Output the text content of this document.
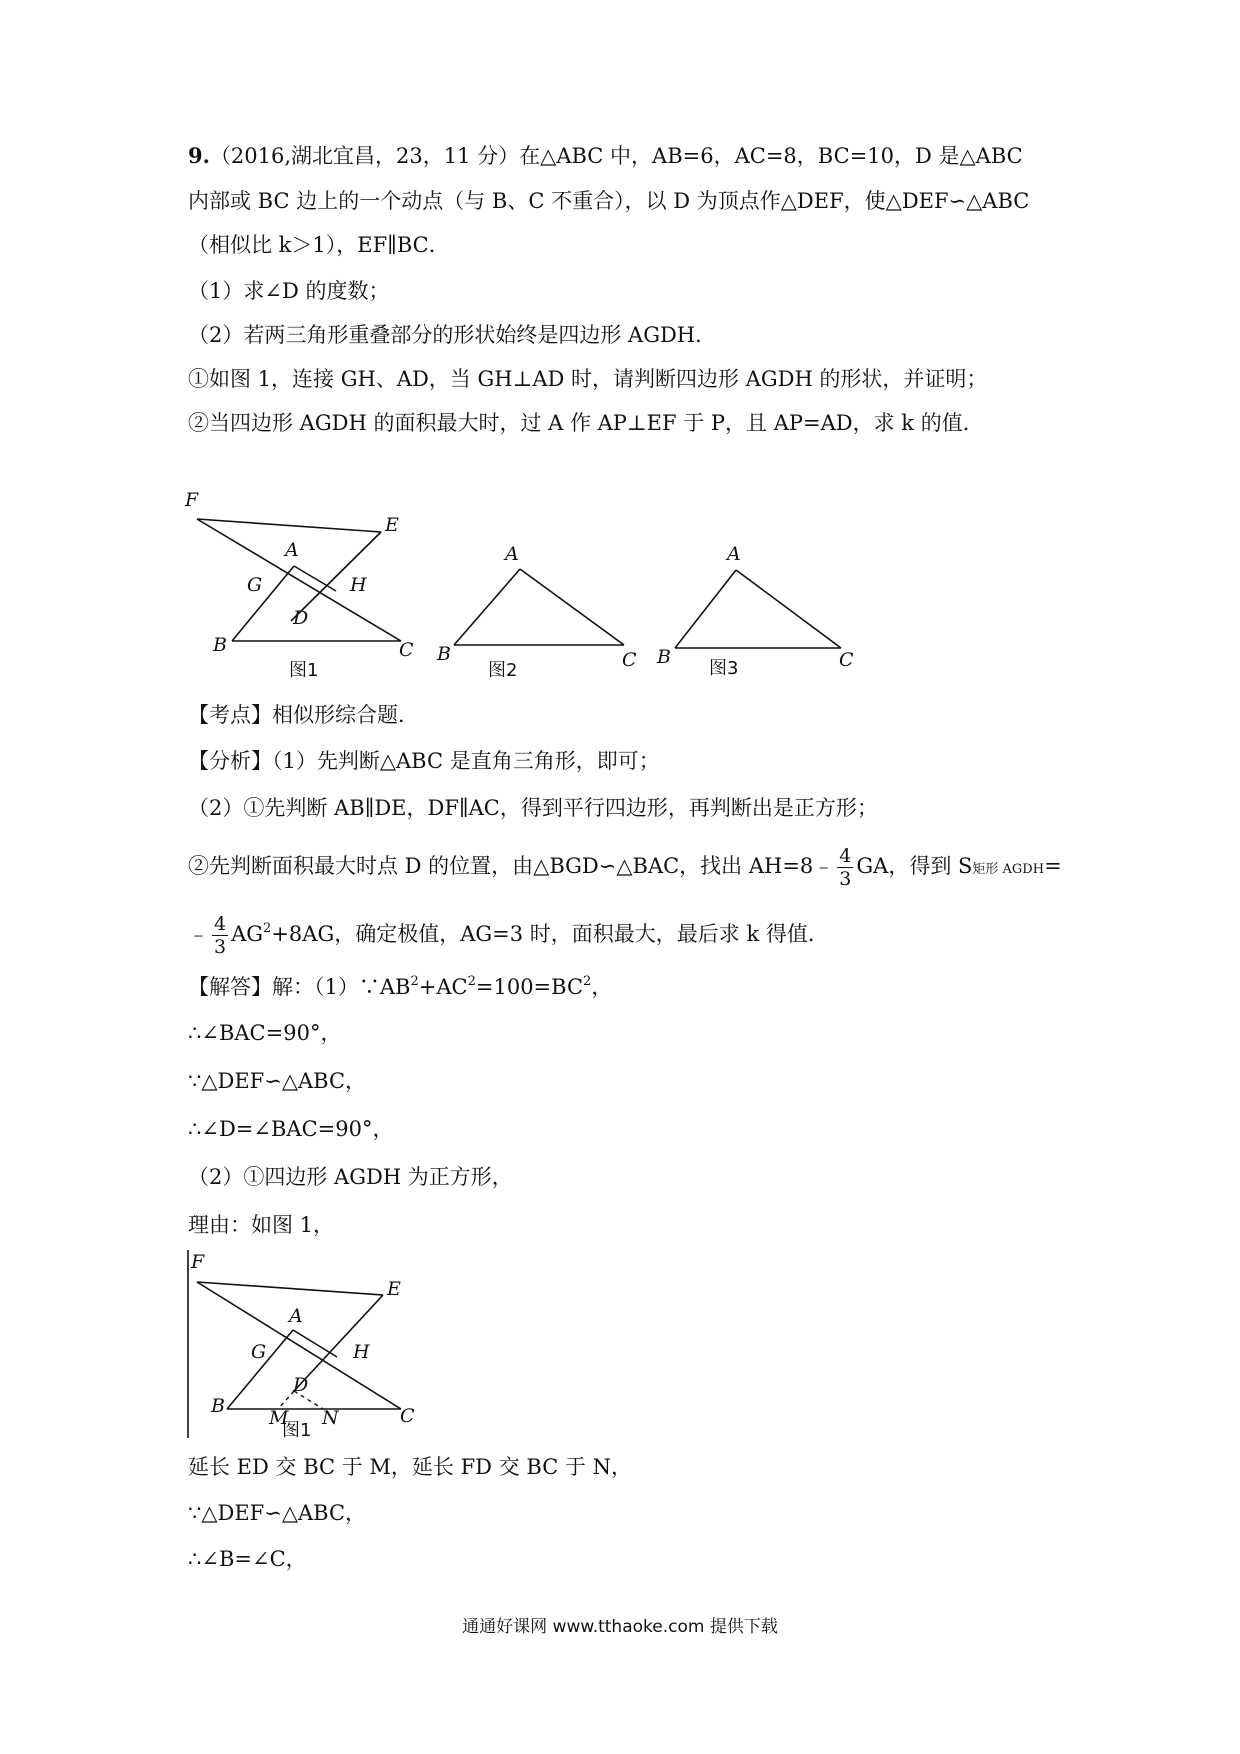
9.（2016,湖北宜昌，23，11 分）在△ABC 中，AB=6，AC=8，BC=10，D 是△ABC
内部或 BC 边上的一个动点（与 B、C 不重合），以 D 为顶点作△DEF，使△DEF∽△ABC
（相似比 k＞1），EF∥BC．
（1）求∠D 的度数；
（2）若两三角形重叠部分的形状始终是四边形 AGDH．
①如图 1，连接 GH、AD，当 GH⊥AD 时，请判断四边形 AGDH 的形状，并证明；
②当四边形 AGDH 的面积最大时，过 A 作 AP⊥EF 于 P，且 AP=AD，求 k 的值．
F
E
A
G	H
D
B	C
图1
A
B	C
图2
A
B	C
图3
【考点】相似形综合题．
【分析】（1）先判断△ABC 是直角三角形，即可；
（2）①先判断 AB∥DE，DF∥AC，得到平行四边形，再判断出是正方形；
②先判断面积最大时点 D 的位置，由△BGD∽△BAC，找出 AH=8﹣ $\frac{4}{3}$ GA，得到 S矩形 AGDH=
﹣ $\frac{4}{3} AG^2+8AG$，确定极值，AG=3 时，面积最大，最后求 k 得值．
【解答】解：$(1)\because AB^2+AC^2=100=BC^2$，
∴∠BAC=90°，
∵△DEF∽△ABC，
∴∠D=∠BAC=90°，
（2）①四边形 AGDH 为正方形，
理由：如图 1，
F
E
A
G	H
D
B
M N	C
图1
延长 ED 交 BC 于 M，延长 FD 交 BC 于 N，
∵△DEF∽△ABC，
∴∠B=∠C，
通通好课网 www.tthaoke.com 提供下载
